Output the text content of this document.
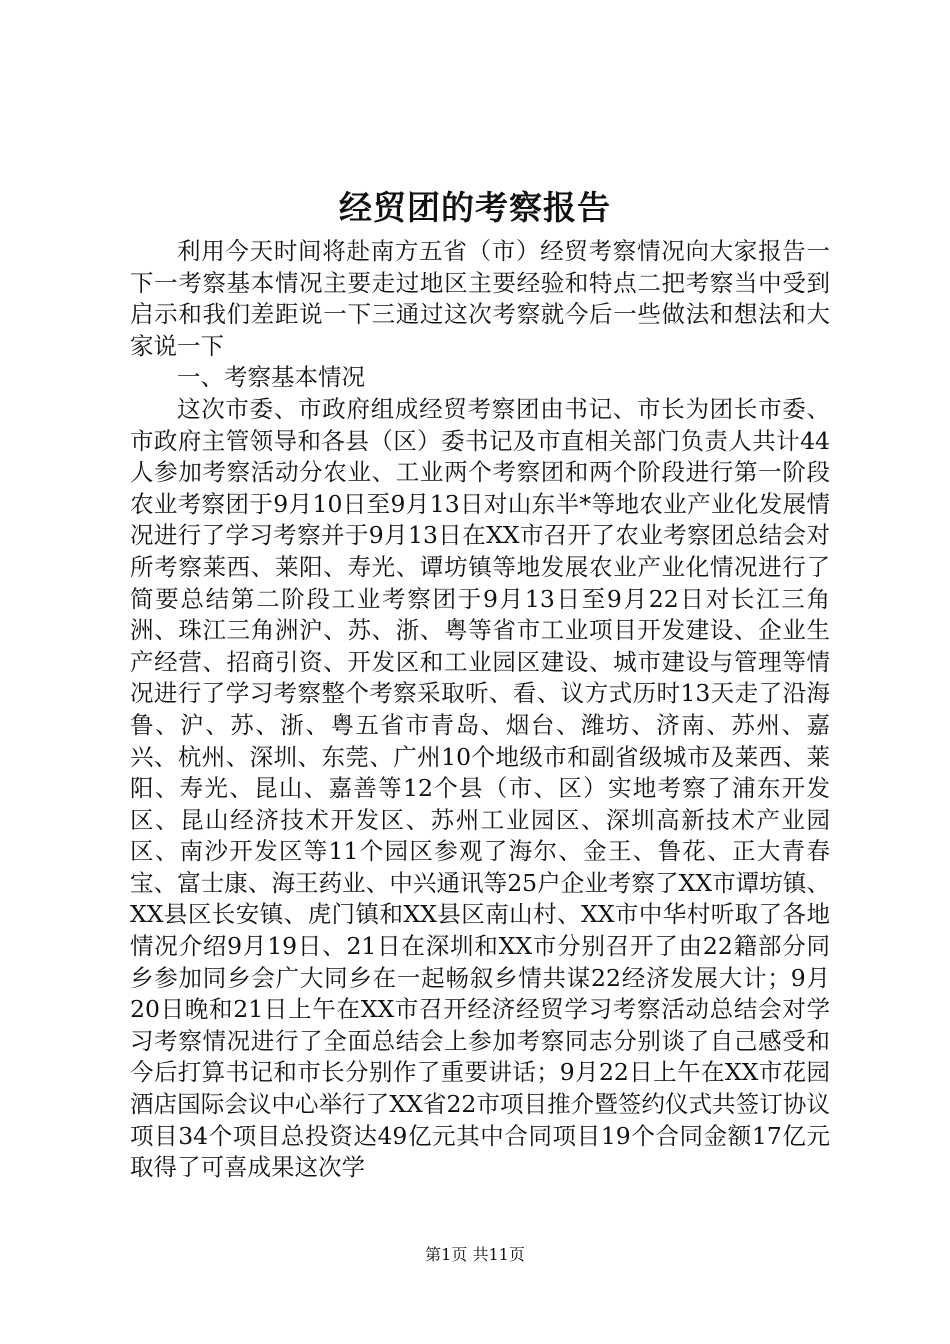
经贸团的考察报告

利用今天时间将赴南方五省（市）经贸考察情况向大家报告一下一考察基本情况主要走过地区主要经验和特点二把考察当中受到启示和我们差距说一下三通过这次考察就今后一些做法和想法和大家说一下

一、考察基本情况

这次市委、市政府组成经贸考察团由书记、市长为团长市委、市政府主管领导和各县（区）委书记及市直相关部门负责人共计44人参加考察活动分农业、工业两个考察团和两个阶段进行第一阶段农业考察团于9月10日至9月13日对山东半*等地农业产业化发展情况进行了学习考察并于9月13日在XX市召开了农业考察团总结会对所考察莱西、莱阳、寿光、谭坊镇等地发展农业产业化情况进行了简要总结第二阶段工业考察团于9月13日至9月22日对长江三角洲、珠江三角洲沪、苏、浙、粤等省市工业项目开发建设、企业生产经营、招商引资、开发区和工业园区建设、城市建设与管理等情况进行了学习考察整个考察采取听、看、议方式历时13天走了沿海鲁、沪、苏、浙、粤五省市青岛、烟台、潍坊、济南、苏州、嘉兴、杭州、深圳、东莞、广州10个地级市和副省级城市及莱西、莱阳、寿光、昆山、嘉善等12个县（市、区）实地考察了浦东开发区、昆山经济技术开发区、苏州工业园区、深圳高新技术产业园区、南沙开发区等11个园区参观了海尔、金王、鲁花、正大青春宝、富士康、海王药业、中兴通讯等25户企业考察了XX市谭坊镇、XX县区长安镇、虎门镇和XX县区南山村、XX市中华村听取了各地情况介绍9月19日、21日在深圳和XX市分别召开了由22籍部分同乡参加同乡会广大同乡在一起畅叙乡情共谋22经济发展大计；9月20日晚和21日上午在XX市召开经济经贸学习考察活动总结会对学习考察情况进行了全面总结会上参加考察同志分别谈了自己感受和今后打算书记和市长分别作了重要讲话；9月22日上午在XX市花园酒店国际会议中心举行了XX省22市项目推介暨签约仪式共签订协议项目34个项目总投资达49亿元其中合同项目19个合同金额17亿元取得了可喜成果这次学

第1页 共11页
